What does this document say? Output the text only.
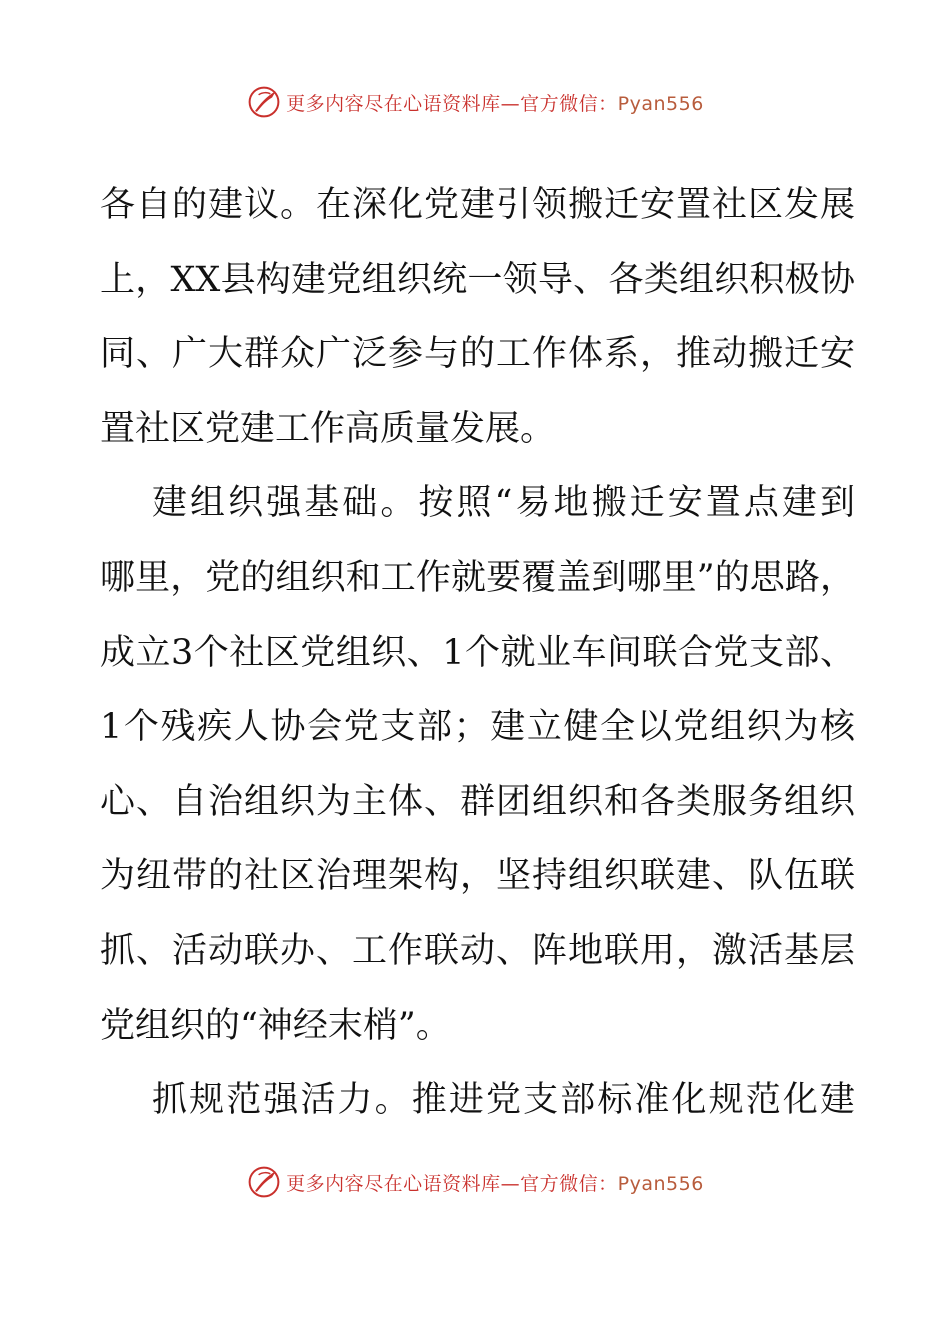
更多内容尽在心语资料库—官方微信：Pyan556
各自的建议。在深化党建引领搬迁安置社区发展
上，XX县构建党组织统一领导、各类组织积极协
同、广大群众广泛参与的工作体系，推动搬迁安
置社区党建工作高质量发展。
建组织强基础。按照“易地搬迁安置点建到
哪里，党的组织和工作就要覆盖到哪里”的思路，
成立3个社区党组织、1个就业车间联合党支部、
1个残疾人协会党支部；建立健全以党组织为核
心、自治组织为主体、群团组织和各类服务组织
为纽带的社区治理架构，坚持组织联建、队伍联
抓、活动联办、工作联动、阵地联用，激活基层
党组织的“神经末梢”。
抓规范强活力。推进党支部标准化规范化建
更多内容尽在心语资料库—官方微信：Pyan556
